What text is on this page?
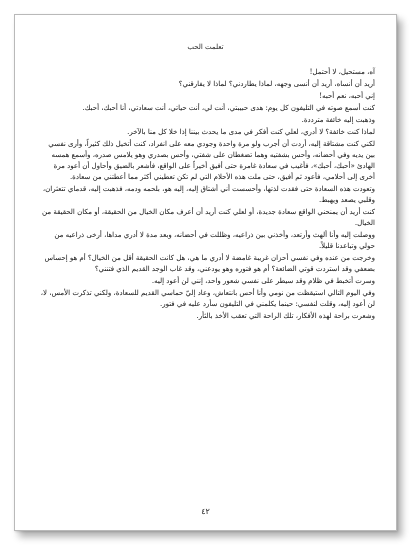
تعلمت الحب

آه، مستحيل، لا أحتمل!

أريد أن أنساه، أريد أن أنسى وجهه، لماذا يطاردني؟ لماذا لا يفارقني؟

إني أحبه، نعم أحبه!

كنت أسمع صوته في التليفون كل يوم: هدى حبيبتي، أنت لي، أنت حياتي، أنت سعادتي، أنا أحبك، أحبك.

وذهبت إليه خائفة مترددة.

لماذا كنت خائفة؟ لا أدري، لعلي كنت أفكر في مدى ما يحدث بيننا إذا خلا كل منا بالآخر.

لكني كنت مشتاقة إليه، أردت أن أجرب ولو مرة واحدة وجودي معه على انفراد، كنت أتخيل ذلك كثيراً، وأرى نفسي بين يديه وفي أحضانه، وأحس بشفتيه وهما تضغطان على شفتي، وأحس بصدري وهو يلامس صدره، وأسمع همسه الهادئ «أحبك، أحبك»، فأغيب في سعادة غامرة حتى أفيق أخيراً على الواقع، فأشعر بالضيق وأحاول أن أعود مرة أخرى إلى أحلامي، فأعود ثم أفيق، حتى ملت هذه الأحلام التي لم تكن تعطيني أكثر مما أعطتني من سعادة.

وتعودت هذه السعادة حتى فقدت لذتها، وأحسست أني أشتاق إليه، إليه هو، بلحمه ودمه، فذهبت إليه، قدماي تتعثران، وقلبي يصعد ويهبط.

كنت أريد أن يمنحني الواقع سعادة جديدة، أو لعلي كنت أريد أن أعرف مكان الخيال من الحقيقة، أو مكان الحقيقة من الخيال.

ووصلت إليه وأنا ألهث وأرتعد، وأخذني بين ذراعيه، وظللت في أحضانه، وبعد مدة لا أدري مداها، أرخى ذراعيه من حولي وتباعدنا قليلاً.

وخرجت من عنده وفي نفسي أحزان غريبة غامضة لا أدري ما هي، هل كانت الحقيقة أقل من الخيال؟ أم هو إحساس بضعفي وقد استردت قوتي الضائعة؟ أم هو فتوره وهو يودعني، وقد غاب الوجد القديم الذي فتنني؟

وسرت أتخبط في ظلام وقد سيطر على نفسي شعور واحد، إنني لن أعود إليه.

وفي اليوم التالي استيقظت من نومي وأنا أحس بانتعاش، وعاد إليّ حماسي القديم للسعادة، ولكني تذكرت الأمس، لا، لن أعود إليه، وقلت لنفسي: حينما يكلمني في التليفون سأرد عليه في فتور.

وشعرت براحة لهذه الأفكار، تلك الراحة التي تعقب الأخذ بالثأر.

٤٢
